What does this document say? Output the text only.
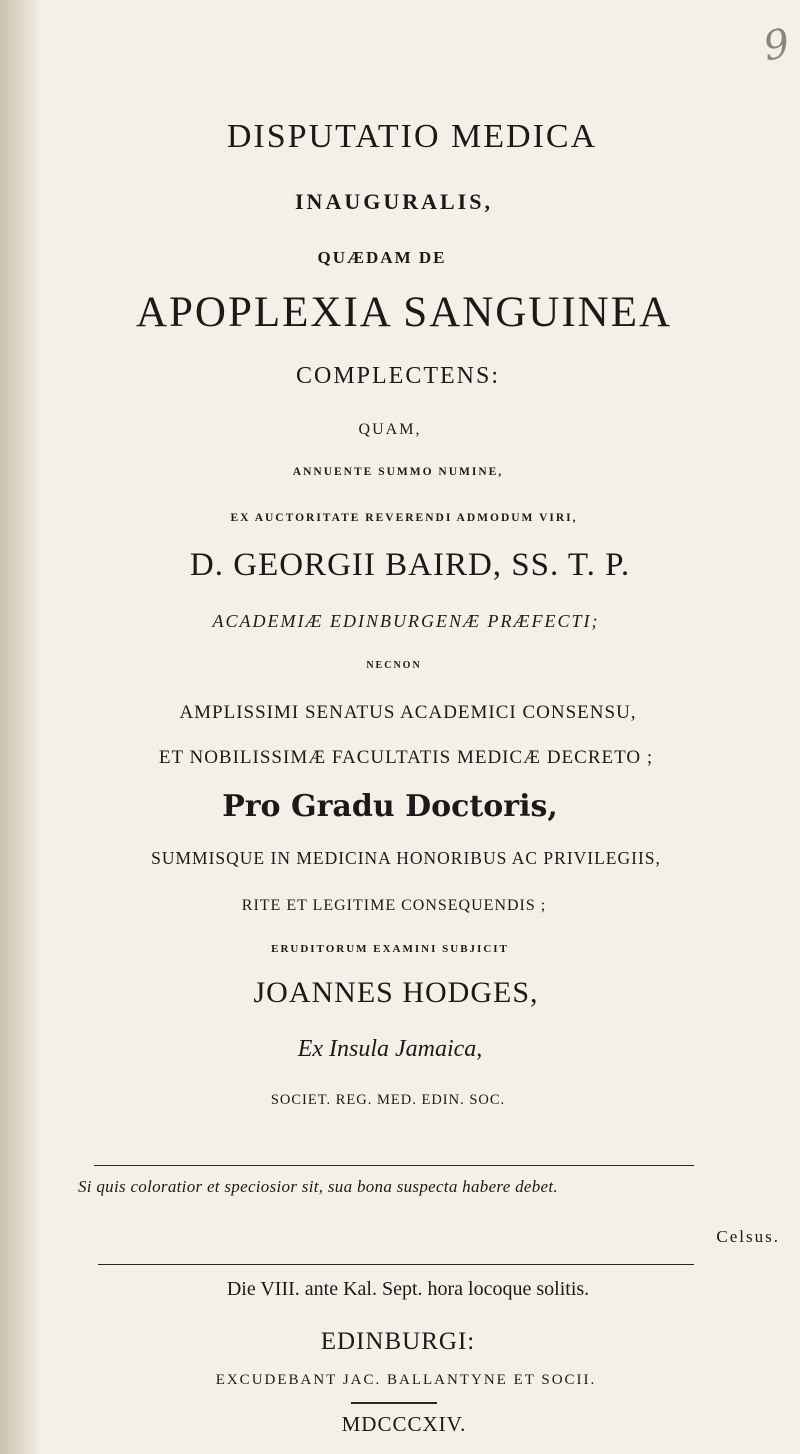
9
DISPUTATIO MEDICA
INAUGURALIS,
QUÆDAM DE
APOPLEXIA SANGUINEA
COMPLECTENS:
QUAM,
ANNUENTE SUMMO NUMINE,
EX AUCTORITATE REVERENDI ADMODUM VIRI,
D. GEORGII BAIRD, SS. T. P.
ACADEMIÆ EDINBURGENÆ PRÆFECTI;
NECNON
AMPLISSIMI SENATUS ACADEMICI CONSENSU,
ET NOBILISSIMÆ FACULTATIS MEDICÆ DECRETO ;
Pro Gradu Doctoris,
SUMMISQUE IN MEDICINA HONORIBUS AC PRIVILEGIIS,
RITE ET LEGITIME CONSEQUENDIS ;
ERUDITORUM EXAMINI SUBJICIT
JOANNES HODGES,
Ex Insula Jamaica,
SOCIET. REG. MED. EDIN. SOC.
Si quis coloratior et speciosior sit, sua bona suspecta habere debet.
Celsus.
Die VIII. ante Kal. Sept. hora locoque solitis.
EDINBURGI:
EXCUDEBANT JAC. BALLANTYNE ET SOCII.
MDCCCXIV.
